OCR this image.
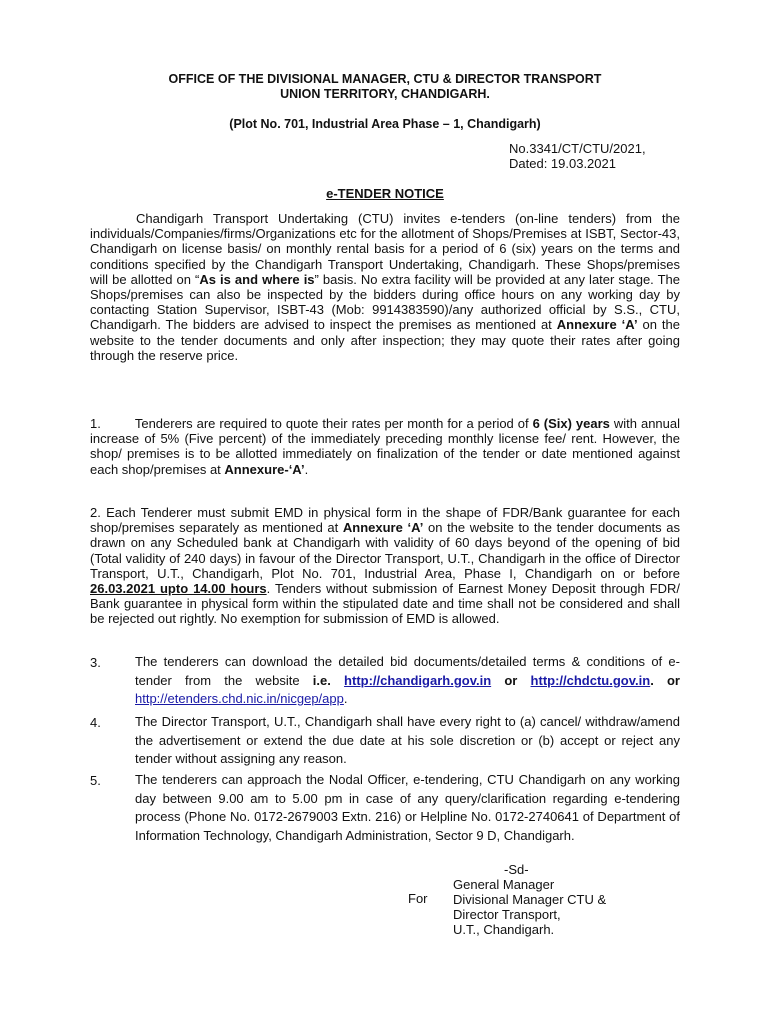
OFFICE OF THE DIVISIONAL MANAGER, CTU & DIRECTOR TRANSPORT
UNION TERRITORY, CHANDIGARH.
(Plot No. 701, Industrial Area Phase – 1, Chandigarh)
No.3341/CT/CTU/2021,
Dated: 19.03.2021
e-TENDER NOTICE

Chandigarh Transport Undertaking (CTU) invites e-tenders (on-line tenders) from the individuals/Companies/firms/Organizations etc for the allotment of Shops/Premises at ISBT, Sector-43, Chandigarh on license basis/ on monthly rental basis for a period of 6 (six) years on the terms and conditions specified by the Chandigarh Transport Undertaking, Chandigarh. These Shops/premises will be allotted on “As is and where is” basis. No extra facility will be provided at any later stage. The Shops/premises can also be inspected by the bidders during office hours on any working day by contacting Station Supervisor, ISBT-43 (Mob: 9914383590)/any authorized official by S.S., CTU, Chandigarh. The bidders are advised to inspect the premises as mentioned at Annexure ‘A’ on the website to the tender documents and only after inspection; they may quote their rates after going through the reserve price.

1.	Tenderers are required to quote their rates per month for a period of 6 (Six) years with annual increase of 5% (Five percent) of the immediately preceding monthly license fee/ rent. However, the shop/ premises is to be allotted immediately on finalization of the tender or date mentioned against each shop/premises at Annexure-‘A’.

2. Each Tenderer must submit EMD in physical form in the shape of FDR/Bank guarantee for each shop/premises separately as mentioned at Annexure ‘A’ on the website to the tender documents as drawn on any Scheduled bank at Chandigarh with validity of 60 days beyond of the opening of bid (Total validity of 240 days) in favour of the Director Transport, U.T., Chandigarh in the office of Director Transport, U.T., Chandigarh, Plot No. 701, Industrial Area, Phase I, Chandigarh on or before 26.03.2021 upto 14.00 hours. Tenders without submission of Earnest Money Deposit through FDR/ Bank guarantee in physical form within the stipulated date and time shall not be considered and shall be rejected out rightly. No exemption for submission of EMD is allowed.

3.	The tenderers can download the detailed bid documents/detailed terms & conditions of e-tender from the website i.e. http://chandigarh.gov.in or http://chdctu.gov.in. or http://etenders.chd.nic.in/nicgep/app.

4.	The Director Transport, U.T., Chandigarh shall have every right to (a) cancel/ withdraw/amend the advertisement or extend the due date at his sole discretion or (b) accept or reject any tender without assigning any reason.

5.	The tenderers can approach the Nodal Officer, e-tendering, CTU Chandigarh on any working day between 9.00 am to 5.00 pm in case of any query/clarification regarding e-tendering process (Phone No. 0172-2679003 Extn. 216) or Helpline No. 0172-2740641 of Department of Information Technology, Chandigarh Administration, Sector 9 D, Chandigarh.

-Sd-
General Manager
For Divisional Manager CTU &
Director Transport,
U.T., Chandigarh.
